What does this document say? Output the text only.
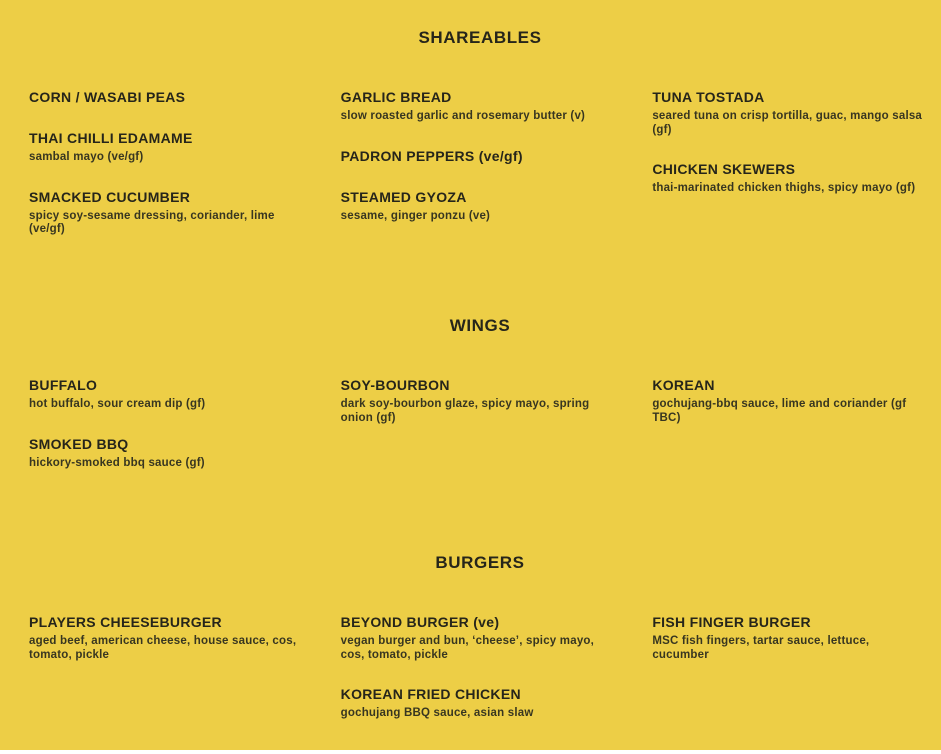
SHAREABLES
CORN / WASABI PEAS
THAI CHILLI EDAMAME
sambal mayo (ve/gf)
SMACKED CUCUMBER
spicy soy-sesame dressing, coriander, lime (ve/gf)
GARLIC BREAD
slow roasted garlic and rosemary butter (v)
PADRON PEPPERS (ve/gf)
STEAMED GYOZA
sesame, ginger ponzu (ve)
TUNA TOSTADA
seared tuna on crisp tortilla, guac, mango salsa (gf)
CHICKEN SKEWERS
thai-marinated chicken thighs, spicy mayo (gf)
WINGS
BUFFALO
hot buffalo, sour cream dip (gf)
SMOKED BBQ
hickory-smoked bbq sauce (gf)
SOY-BOURBON
dark soy-bourbon glaze, spicy mayo, spring onion (gf)
KOREAN
gochujang-bbq sauce, lime and coriander (gf TBC)
BURGERS
PLAYERS CHEESEBURGER
aged beef, american cheese, house sauce, cos, tomato, pickle
BEYOND BURGER (ve)
vegan burger and bun, ‘cheese’, spicy mayo, cos, tomato, pickle
KOREAN FRIED CHICKEN
gochujang BBQ sauce, asian slaw
FISH FINGER BURGER
MSC fish fingers, tartar sauce, lettuce, cucumber
